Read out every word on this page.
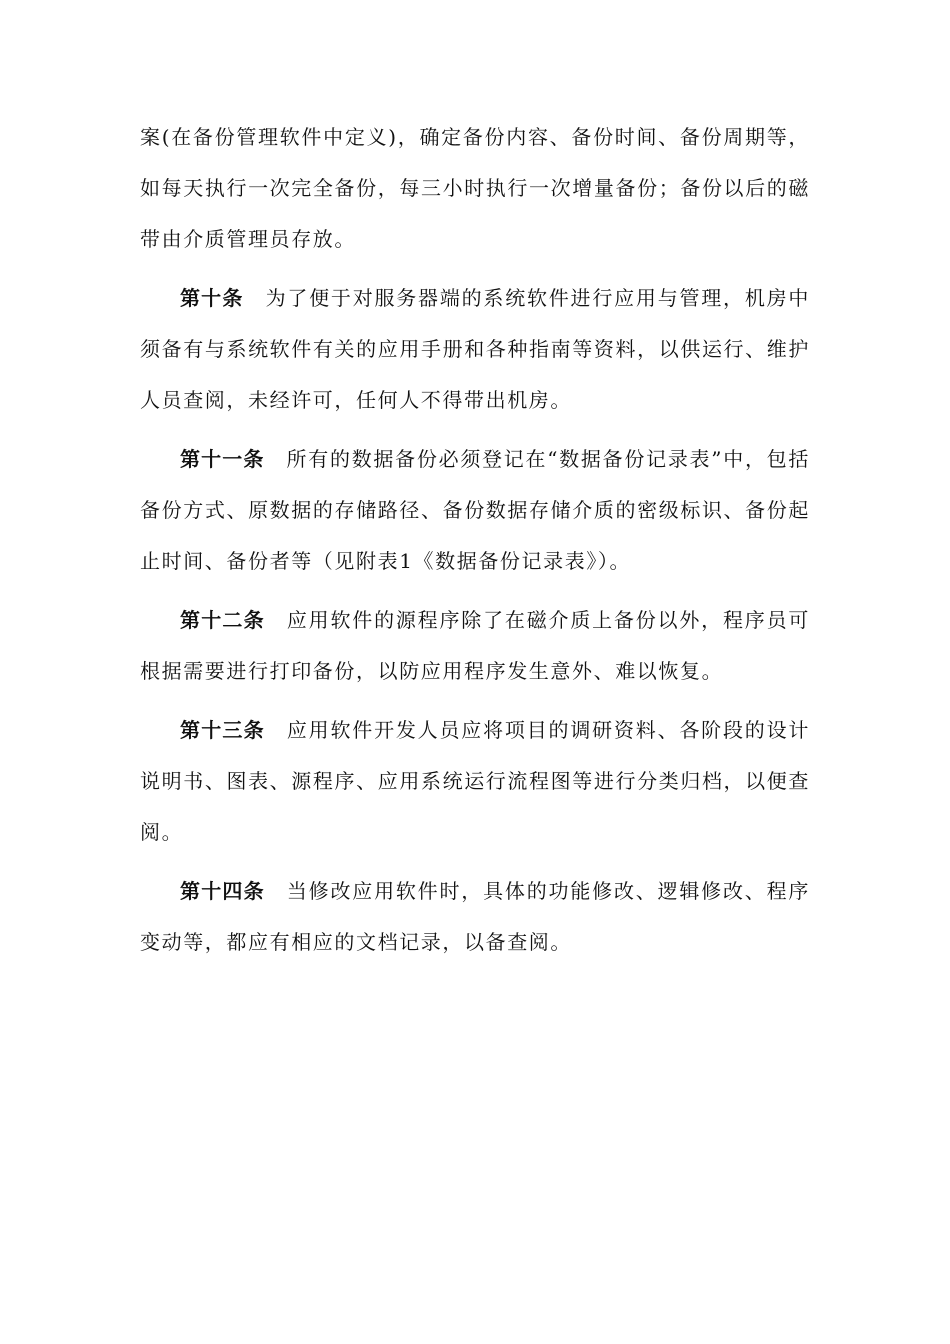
案(在备份管理软件中定义)，确定备份内容、备份时间、备份周期等，如每天执行一次完全备份，每三小时执行一次增量备份；备份以后的磁带由介质管理员存放。

第十条 为了便于对服务器端的系统软件进行应用与管理，机房中须备有与系统软件有关的应用手册和各种指南等资料，以供运行、维护人员查阅，未经许可，任何人不得带出机房。

第十一条 所有的数据备份必须登记在“数据备份记录表”中，包括备份方式、原数据的存储路径、备份数据存储介质的密级标识、备份起止时间、备份者等（见附表1《数据备份记录表》）。

第十二条 应用软件的源程序除了在磁介质上备份以外，程序员可根据需要进行打印备份，以防应用程序发生意外、难以恢复。

第十三条 应用软件开发人员应将项目的调研资料、各阶段的设计说明书、图表、源程序、应用系统运行流程图等进行分类归档，以便查阅。

第十四条 当修改应用软件时，具体的功能修改、逻辑修改、程序变动等，都应有相应的文档记录，以备查阅。
